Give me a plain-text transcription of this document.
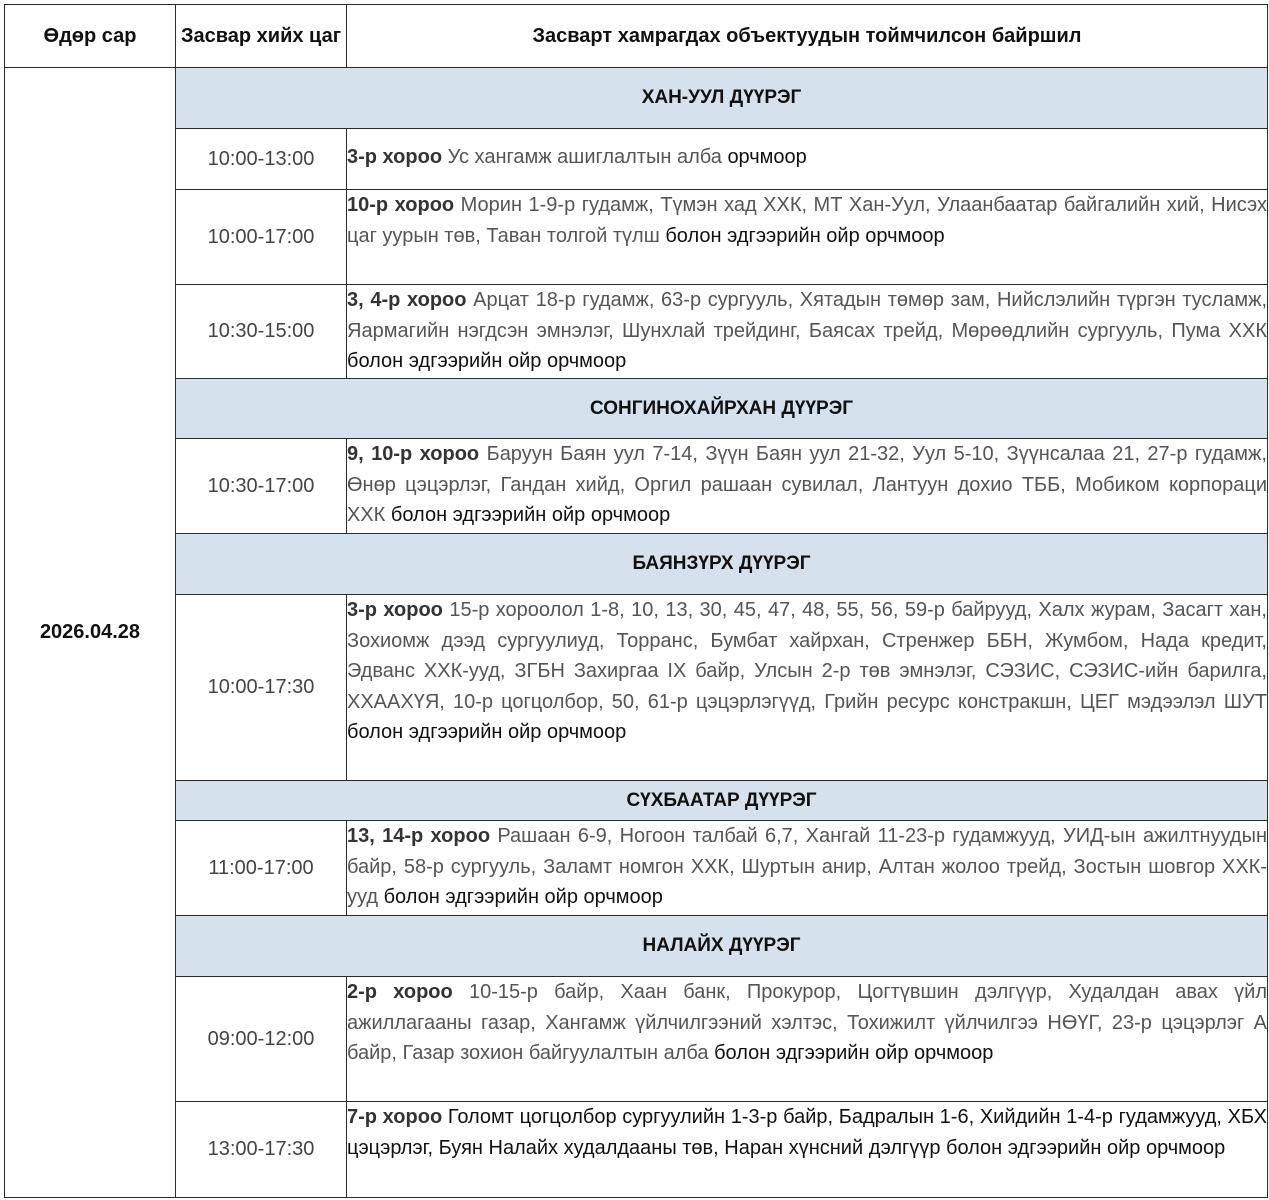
Өдөр сар	Засвар хийх цаг	Засварт хамрагдах объектуудын тоймчилсон байршил
2026.04.28	ХАН-УУЛ ДҮҮРЭГ	
	10:00-13:00	3-р хороо Ус хангамж ашиглалтын алба орчмоор
	10:00-17:00	10-р хороо Морин 1-9-р гудамж, Түмэн хад ХХК, МТ Хан-Уул, Улаанбаатар байгалийн хий, Нисэх цаг уурын төв, Таван толгой түлш болон эдгээрийн ойр орчмоор
	10:30-15:00	3, 4-р хороо Арцат 18-р гудамж, 63-р сургууль, Хятадын төмөр зам, Нийслэлийн түргэн тусламж, Яармагийн нэгдсэн эмнэлэг, Шунхлай трейдинг, Баясах трейд, Мөрөөдлийн сургууль, Пума ХХК болон эдгээрийн ойр орчмоор
	СОНГИНОХАЙРХАН ДҮҮРЭГ	
	10:30-17:00	9, 10-р хороо Баруун Баян уул 7-14, Зүүн Баян уул 21-32, Уул 5-10, Зүүнсалаа 21, 27-р гудамж, Өнөр цэцэрлэг, Гандан хийд, Оргил рашаан сувилал, Лантуун дохио ТББ, Мобиком корпораци ХХК болон эдгээрийн ойр орчмоор
	БАЯНЗҮРХ ДҮҮРЭГ	
	10:00-17:30	3-р хороо 15-р хороолол 1-8, 10, 13, 30, 45, 47, 48, 55, 56, 59-р байрууд, Халх журам, Засагт хан, Зохиомж дээд сургуулиуд, Торранс, Бумбат хайрхан, Стренжер ББН, Жумбом, Нада кредит, Эдванс ХХК-ууд, ЗГБН Захиргаа IX байр, Улсын 2-р төв эмнэлэг, СЭЗИС, СЭЗИС-ийн барилга, ХХААХҮЯ, 10-р цогцолбор, 50, 61-р цэцэрлэгүүд, Грийн ресурс констракшн, ЦЕГ мэдээлэл ШУТ болон эдгээрийн ойр орчмоор
	СҮХБААТАР ДҮҮРЭГ	
	11:00-17:00	13, 14-р хороо Рашаан 6-9, Ногоон талбай 6,7, Хангай 11-23-р гудамжууд, УИД-ын ажилтнуудын байр, 58-р сургууль, Заламт номгон ХХК, Шуртын анир, Алтан жолоо трейд, Зостын шовгор ХХК-ууд болон эдгээрийн ойр орчмоор
	НАЛАЙХ ДҮҮРЭГ	
	09:00-12:00	2-р хороо 10-15-р байр, Хаан банк, Прокурор, Цогтүвшин дэлгүүр, Худалдан авах үйл ажиллагааны газар, Хангамж үйлчилгээний хэлтэс, Тохижилт үйлчилгээ НӨҮГ, 23-р цэцэрлэг А байр, Газар зохион байгуулалтын алба болон эдгээрийн ойр орчмоор
	13:00-17:30	7-р хороо Голомт цогцолбор сургуулийн 1-3-р байр, Бадралын 1-6, Хийдийн 1-4-р гудамжууд, ХБХ цэцэрлэг, Буян Налайх худалдааны төв, Наран хүнсний дэлгүүр болон эдгээрийн ойр орчмоор
